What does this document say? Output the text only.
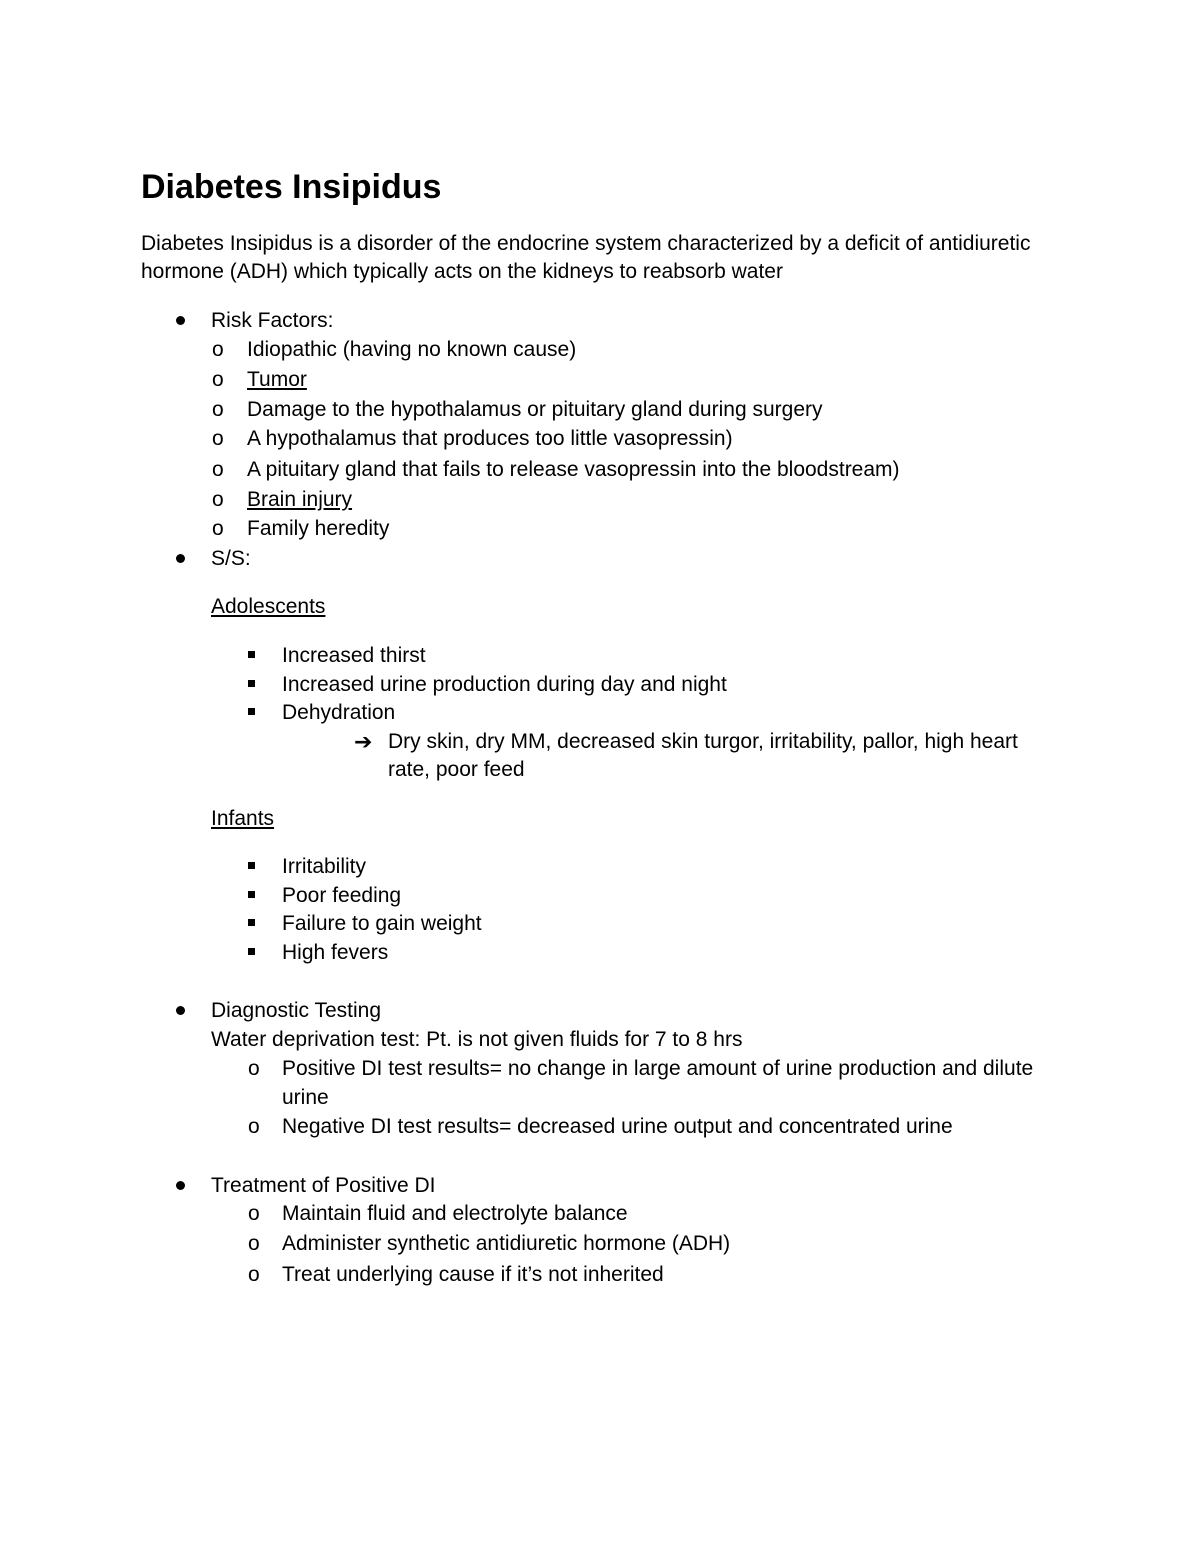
Diabetes Insipidus
Diabetes Insipidus is a disorder of the endocrine system characterized by a deficit of antidiuretic
hormone (ADH) which typically acts on the kidneys to reabsorb water
Risk Factors:
o Idiopathic (having no known cause)
o Tumor
o Damage to the hypothalamus or pituitary gland during surgery
o A hypothalamus that produces too little vasopressin)
o A pituitary gland that fails to release vasopressin into the bloodstream)
o Brain injury
o Family heredity
S/S:
Adolescents
Increased thirst
Increased urine production during day and night
Dehydration
➔ Dry skin, dry MM, decreased skin turgor, irritability, pallor, high heart
rate, poor feed
Infants
Irritability
Poor feeding
Failure to gain weight
High fevers
Diagnostic Testing
Water deprivation test: Pt. is not given fluids for 7 to 8 hrs
o Positive DI test results= no change in large amount of urine production and dilute
urine
o Negative DI test results= decreased urine output and concentrated urine
Treatment of Positive DI
o Maintain fluid and electrolyte balance
o Administer synthetic antidiuretic hormone (ADH)
o Treat underlying cause if it’s not inherited
